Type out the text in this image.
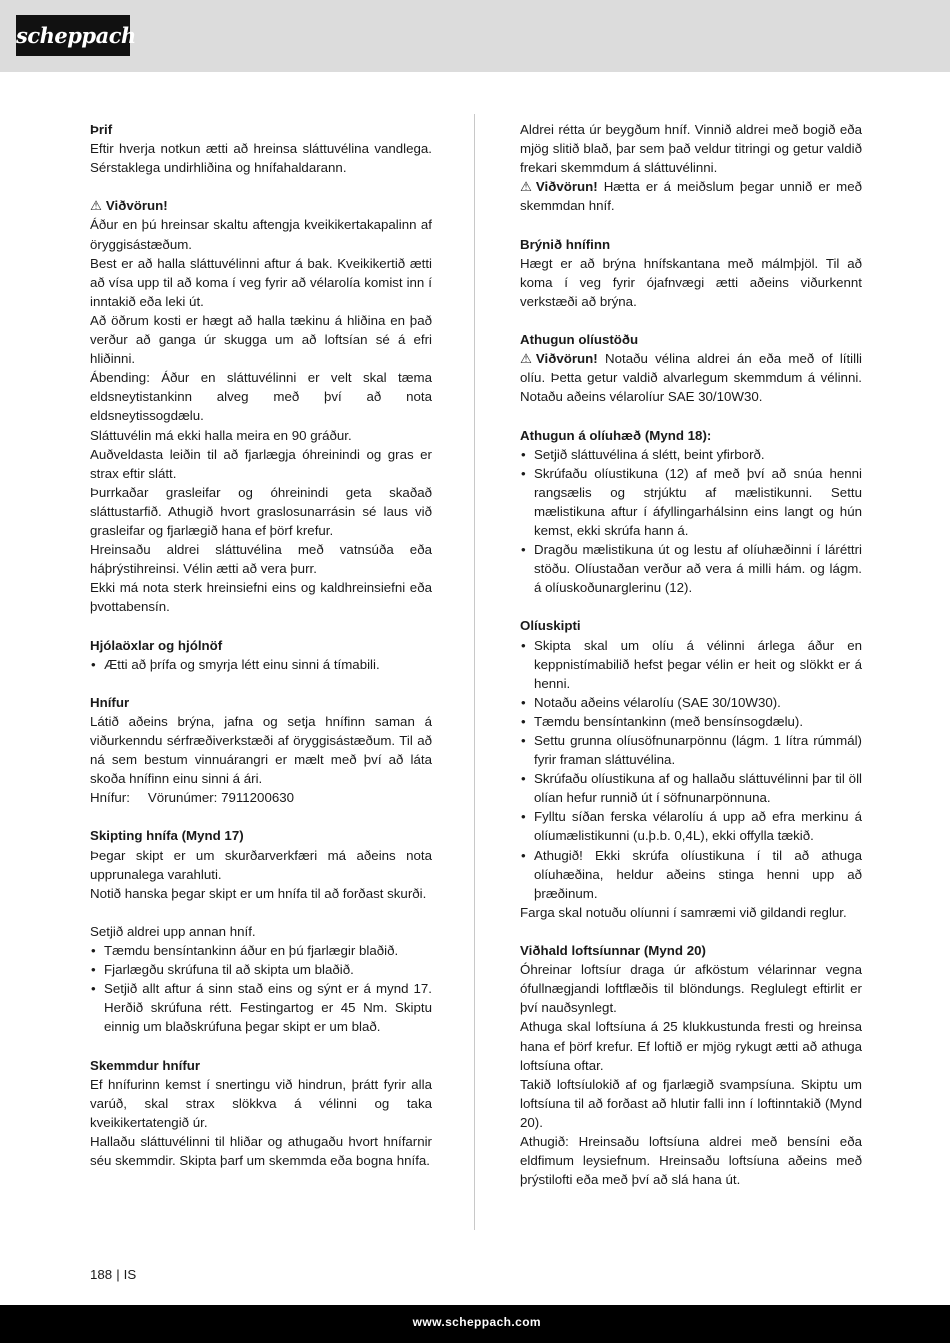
scheppach
Þrif

Eftir hverja notkun ætti að hreinsa sláttuvélina vandlega. Sérstaklega undirhliðina og hnífahaldarann.

⚠ Viðvörun!

Áður en þú hreinsar skaltu aftengja kveikikertakapalinn af öryggisástæðum.

Best er að halla sláttuvélinni aftur á bak. Kveikikertið ætti að vísa upp til að koma í veg fyrir að vélarolía komist inn í inntakið eða leki út.

Að öðrum kosti er hægt að halla tækinu á hliðina en það verður að ganga úr skugga um að loftsían sé á efri hliðinni.

Ábending: Áður en sláttuvélinni er velt skal tæma eldsneytistankinn alveg með því að nota eldsneytissogdælu.

Sláttuvélin má ekki halla meira en 90 gráður.

Auðveldasta leiðin til að fjarlægja óhreinindi og gras er strax eftir slátt.

Þurrkaðar grasleifar og óhreinindi geta skaðað sláttustarfið. Athugið hvort graslosunarrásin sé laus við grasleifar og fjarlægið hana ef þörf krefur.

Hreinsaðu aldrei sláttuvélina með vatnsúða eða háþrýstihreinsi. Vélin ætti að vera þurr.

Ekki má nota sterk hreinsiefni eins og kaldhreinsiefni eða þvottabensín.

Hjólaöxlar og hjólnöf
• Ætti að þrífa og smyrja létt einu sinni á tímabili.
Hnífur

Látið aðeins brýna, jafna og setja hnífinn saman á viðurkenndu sérfræðiverkstæði af öryggisástæðum. Til að ná sem bestum vinnuárangri er mælt með því að láta skoða hnífinn einu sinni á ári.

Hnífur: Vörunúmer: 7911200630

Skipting hnífa (Mynd 17)

Þegar skipt er um skurðarverkfæri má aðeins nota upprunalega varahluti.

Notið hanska þegar skipt er um hnífa til að forðast skurði.

Setjið aldrei upp annan hníf.

• Tæmdu bensíntankinn áður en þú fjarlægir blaðið.
• Fjarlægðu skrúfuna til að skipta um blaðið.
• Setjið allt aftur á sinn stað eins og sýnt er á mynd 17. Herðið skrúfuna rétt. Festingartog er 45 Nm. Skiptu einnig um blaðskrúfuna þegar skipt er um blað.
Skemmdur hnífur

Ef hnífurinn kemst í snertingu við hindrun, þrátt fyrir alla varúð, skal strax slökkva á vélinni og taka kveikikertatengið úr.

Hallaðu sláttuvélinni til hliðar og athugaðu hvort hnífarnir séu skemmdir. Skipta þarf um skemmda eða bogna hnífa.

Aldrei rétta úr beygðum hníf. Vinnið aldrei með bogið eða mjög slitið blað, þar sem það veldur titringi og getur valdið frekari skemmdum á sláttuvélinni.

⚠ Viðvörun! Hætta er á meiðslum þegar unnið er með skemmdan hníf.

Brýnið hnífinn

Hægt er að brýna hnífskantana með málmþjöl. Til að koma í veg fyrir ójafnvægi ætti aðeins viðurkennt verkstæði að brýna.

Athugun olíustöðu

⚠ Viðvörun! Notaðu vélina aldrei án eða með of lítilli olíu. Þetta getur valdið alvarlegum skemmdum á vélinni. Notaðu aðeins vélarolíur SAE 30/10W30.

Athugun á olíuhæð (Mynd 18):
• Setjið sláttuvélina á slétt, beint yfirborð.
• Skrúfaðu olíustikuna (12) af með því að snúa henni rangsælis og strjúktu af mælistikunni. Settu mælistikuna aftur í áfyllingarhálsinn eins langt og hún kemst, ekki skrúfa hann á.
• Dragðu mælistikuna út og lestu af olíuhæðinni í láréttri stöðu. Olíustaðan verður að vera á milli hám. og lágm. á olíuskoðunarglerinu (12).
Olíuskipti
• Skipta skal um olíu á vélinni árlega áður en keppnistímabilið hefst þegar vélin er heit og slökkt er á henni.
• Notaðu aðeins vélarolíu (SAE 30/10W30).
• Tæmdu bensíntankinn (með bensínsogdælu).
• Settu grunna olíusöfnunarpönnu (lágm. 1 lítra rúmmál) fyrir framan sláttuvélina.
• Skrúfaðu olíustikuna af og hallaðu sláttuvélinni þar til öll olían hefur runnið út í söfnunarpönnuna.
• Fylltu síðan ferska vélarolíu á upp að efra merkinu á olíumælistikunni (u.þ.b. 0,4L), ekki offylla tækið.
• Athugið! Ekki skrúfa olíustikuna í til að athuga olíuhæðina, heldur aðeins stinga henni upp að þræðinum.

Farga skal notuðu olíunni í samræmi við gildandi reglur.

Viðhald loftsíunnar (Mynd 20)

Óhreinar loftsíur draga úr afköstum vélarinnar vegna ófullnægjandi loftflæðis til blöndungs. Reglulegt eftirlit er því nauðsynlegt.

Athuga skal loftsíuna á 25 klukkustunda fresti og hreinsa hana ef þörf krefur. Ef loftið er mjög rykugt ætti að athuga loftsíuna oftar.

Takið loftsíulokið af og fjarlægið svampsíuna. Skiptu um loftsíuna til að forðast að hlutir falli inn í loftinntakið (Mynd 20).

Athugið: Hreinsaðu loftsíuna aldrei með bensíni eða eldfimum leysiefnum. Hreinsaðu loftsíuna aðeins með þrýstilofti eða með því að slá hana út.

188 | IS
www.scheppach.com
